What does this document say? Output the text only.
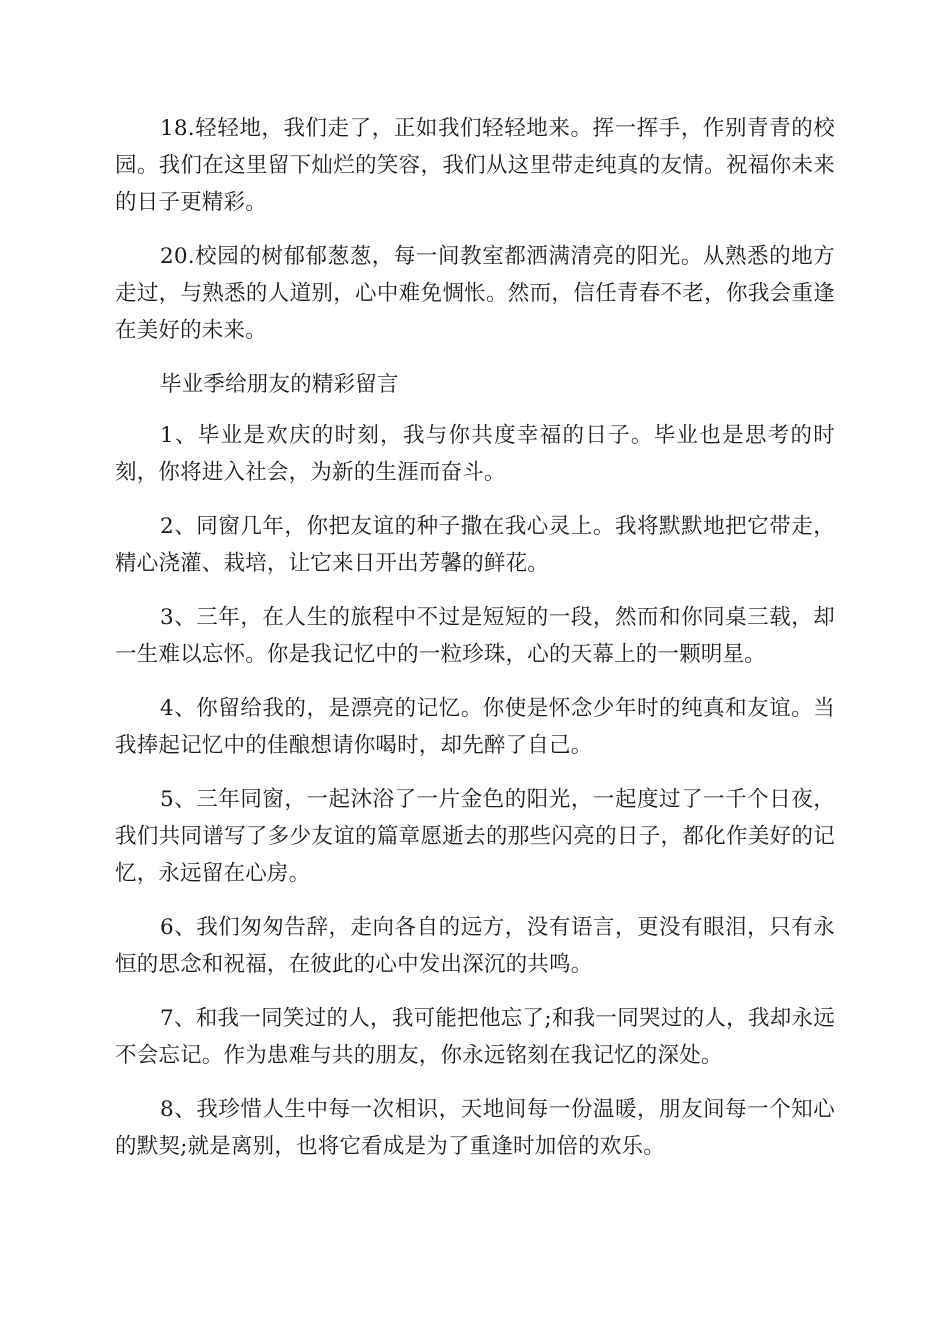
18.轻轻地，我们走了，正如我们轻轻地来。挥一挥手，作别青青的校园。我们在这里留下灿烂的笑容，我们从这里带走纯真的友情。祝福你未来的日子更精彩。

20.校园的树郁郁葱葱，每一间教室都洒满清亮的阳光。从熟悉的地方走过，与熟悉的人道别，心中难免惆怅。然而，信任青春不老，你我会重逢在美好的未来。

毕业季给朋友的精彩留言

1、毕业是欢庆的时刻，我与你共度幸福的日子。毕业也是思考的时刻，你将进入社会，为新的生涯而奋斗。

2、同窗几年，你把友谊的种子撒在我心灵上。我将默默地把它带走，精心浇灌、栽培，让它来日开出芳馨的鲜花。

3、三年，在人生的旅程中不过是短短的一段，然而和你同桌三载，却一生难以忘怀。你是我记忆中的一粒珍珠，心的天幕上的一颗明星。

4、你留给我的，是漂亮的记忆。你使是怀念少年时的纯真和友谊。当我捧起记忆中的佳酿想请你喝时，却先醉了自己。

5、三年同窗，一起沐浴了一片金色的阳光，一起度过了一千个日夜，我们共同谱写了多少友谊的篇章愿逝去的那些闪亮的日子，都化作美好的记忆，永远留在心房。

6、我们匆匆告辞，走向各自的远方，没有语言，更没有眼泪，只有永恒的思念和祝福，在彼此的心中发出深沉的共鸣。

7、和我一同笑过的人，我可能把他忘了;和我一同哭过的人，我却永远不会忘记。作为患难与共的朋友，你永远铭刻在我记忆的深处。

8、我珍惜人生中每一次相识，天地间每一份温暖，朋友间每一个知心的默契;就是离别，也将它看成是为了重逢时加倍的欢乐。
